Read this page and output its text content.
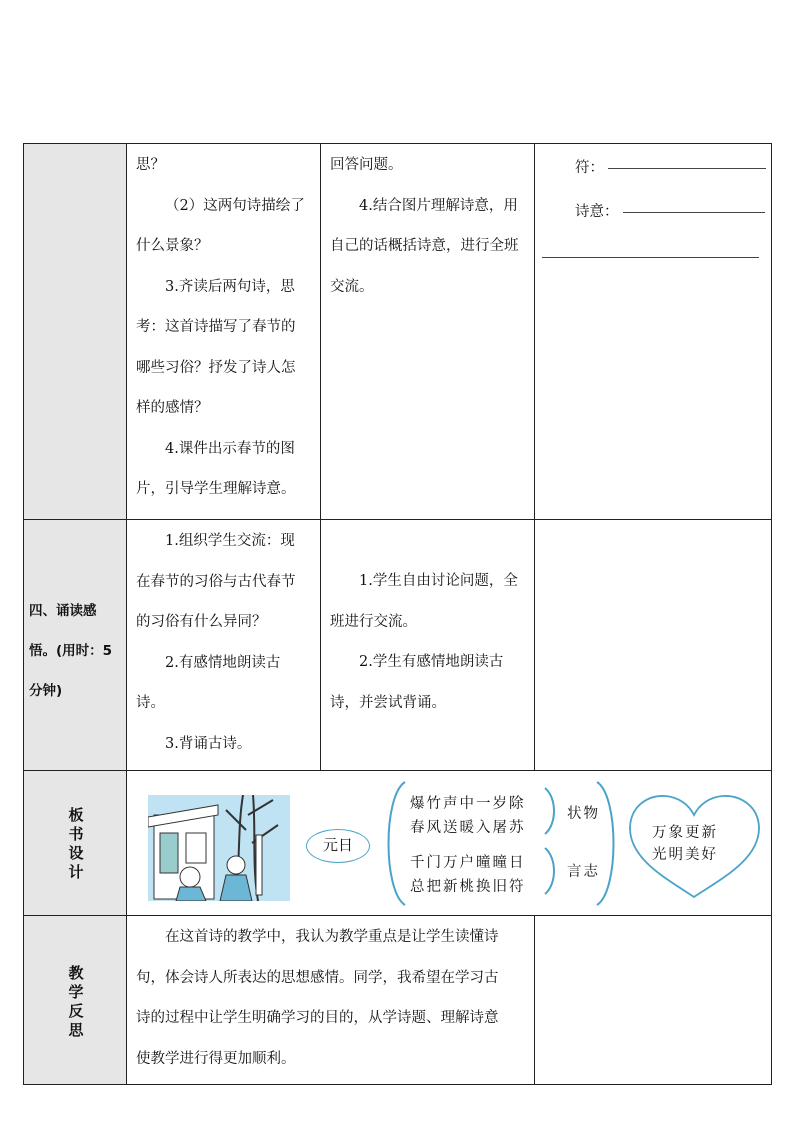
思？

（2）这两句诗描绘了

什么景象？

3.齐读后两句诗，思

考：这首诗描写了春节的

哪些习俗？抒发了诗人怎

样的感情？

4.课件出示春节的图

片，引导学生理解诗意。

回答问题。

4.结合图片理解诗意，用

自己的话概括诗意，进行全班

交流。

符：
诗意：
四、诵读感
悟。(用时：5
分钟)

1.组织学生交流：现

在春节的习俗与古代春节

的习俗有什么异同？

2.有感情地朗读古

诗。

3.背诵古诗。

1.学生自由讨论问题，全

班进行交流。

2.学生有感情地朗读古

诗，并尝试背诵。

板
书
设
计
元日
爆竹声中一岁除
春风送暖入屠苏
千门万户曈曈日
总把新桃换旧符
状物
言志
万象更新
光明美好
教
学
反
思

在这首诗的教学中，我认为教学重点是让学生读懂诗

句，体会诗人所表达的思想感情。同学，我希望在学习古

诗的过程中让学生明确学习的目的，从学诗题、理解诗意

使教学进行得更加顺利。
